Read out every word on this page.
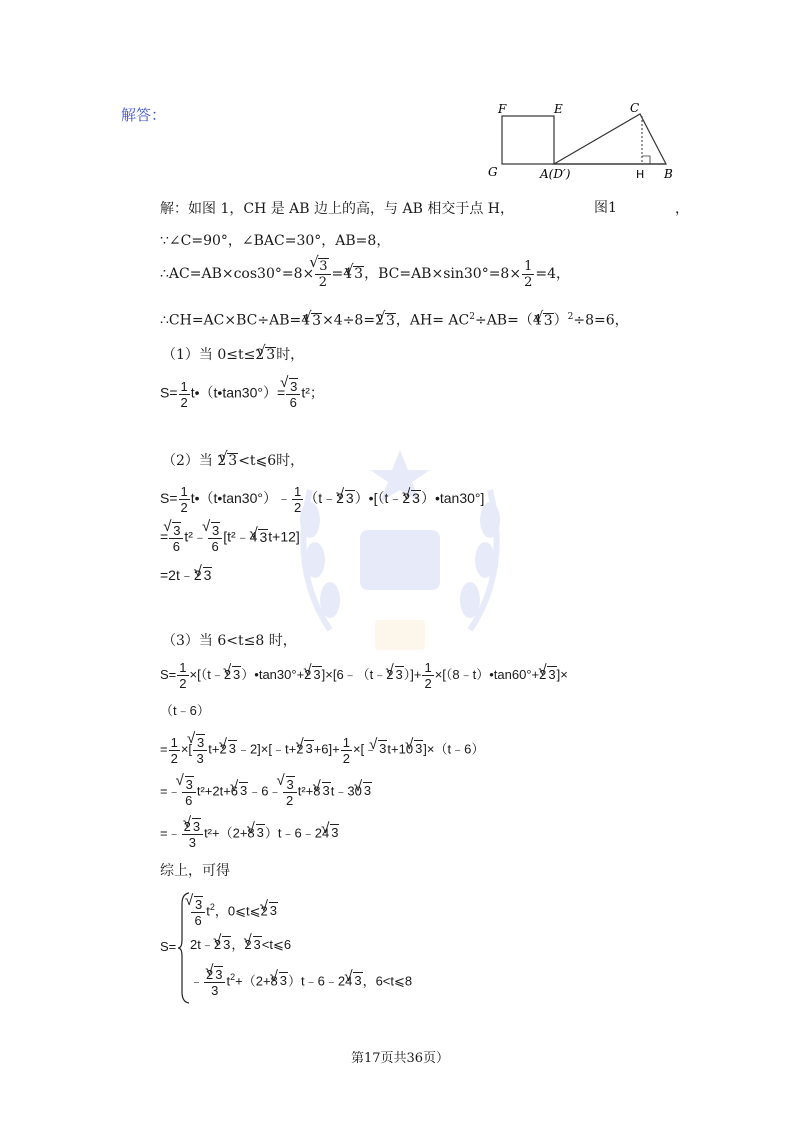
解答：	F	E	C
G	A(D′)	H B
解：如图 1，CH 是 AB 边上的高，与 AB 相交于点 H，	图1	，
∵∠C=90°，∠BAC=30°，AB=8，
∴AC=AB×cos30°=8×
√ $\frac{3}{2} =4√$ 3，$BC=AB\times\sin 30^\circ=8\times \frac{1}{2} =4$，
∴CH=AC×BC÷AB=4√ 3×4÷8=2√ 3，$AH= AC^2\div AB=(4√$ 3）$^2$÷8=6，
（1）当 0≤t≤2√ 3时，
$S= \frac{1}{2}$ t•（t•tan30°）=
√ $\frac{3}{6} t^2$；
（2）当 2√ 3<t⩽6时，
$S= \frac{1}{2}$ t•（t•tan30°）﹣ $\frac{1}{2}$ （t﹣2√ 3）•[（t﹣2√ 3）•tan30°]
=
√ $\frac{3}{6}$ t²﹣
√ $\frac{3}{6}$ [t²﹣4√ 3t+12]
=2t﹣2√ 3
（3）当 6<t≤8 时，
$S= \frac{1}{2}$ ×[（t﹣2√ 3）•tan30°+2√ 3]×[6﹣（t﹣2√ $3)]+ \frac{1}{2}$ ×[（8﹣t）•tan60°+2√ 3]×
（t﹣6）
= $\frac{1}{2}$ ×[
√ $\frac{3}{3} t+2√$ 3﹣2]×[﹣t+2√ $3+6]+ \frac{1}{2}$ ×[﹣√ 3t+10√ 3]×（t﹣6）
=﹣
√ $\frac{3}{6} t^2+2t+6√$ 3﹣6﹣
√ $\frac{3}{2} t^2+8√$ 3t﹣30√ 3
=﹣ $\frac{2√ 3}{3} t^2+(2+8√$ 3）t﹣6﹣24√ 3
综上，可得
S=
√ $\frac{3}{6} t^2$，0⩽t⩽2√ 3
2t﹣2√ 3，2√ 3<t⩽6
﹣ $\frac{2√ 3}{3} t^2+(2+8√$ 3）t﹣6﹣24√ 3，6<t⩽8
第17页共36页）
